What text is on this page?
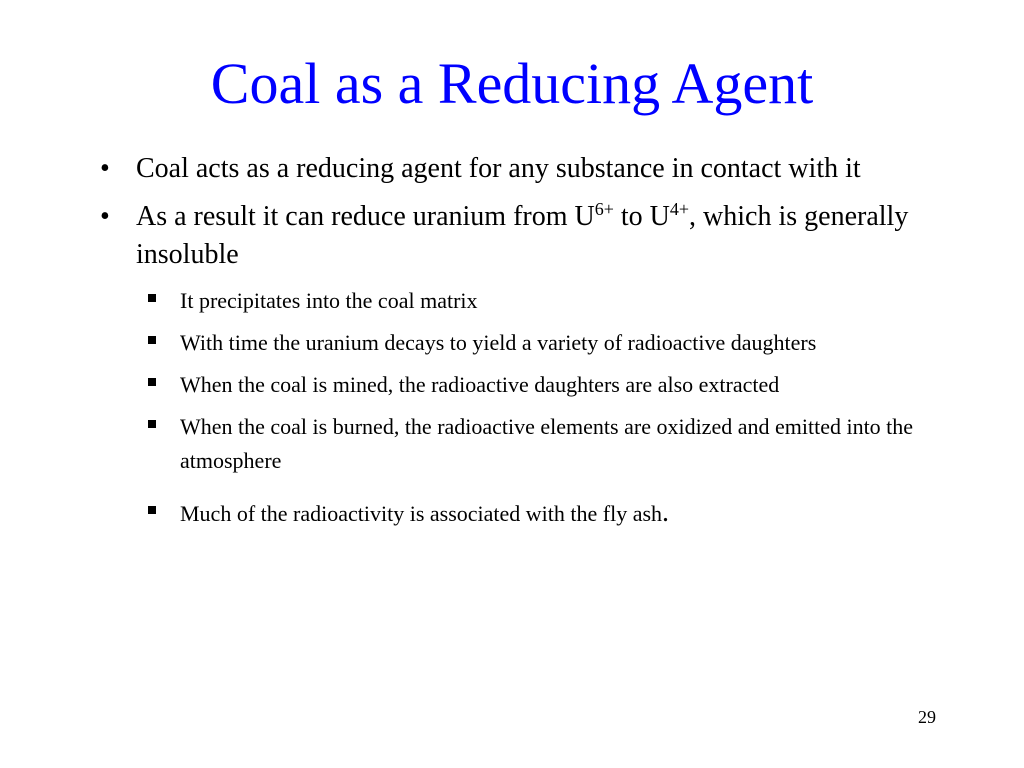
Coal as a Reducing Agent
• Coal acts as a reducing agent for any substance in contact with it
• As a result it can reduce uranium from $U^{6+}$ to $U^{4+}$, which is generally insoluble
It precipitates into the coal matrix
With time the uranium decays to yield a variety of radioactive daughters
When the coal is mined, the radioactive daughters are also extracted
When the coal is burned, the radioactive elements are oxidized and emitted into the atmosphere
Much of the radioactivity is associated with the fly ash.
29
